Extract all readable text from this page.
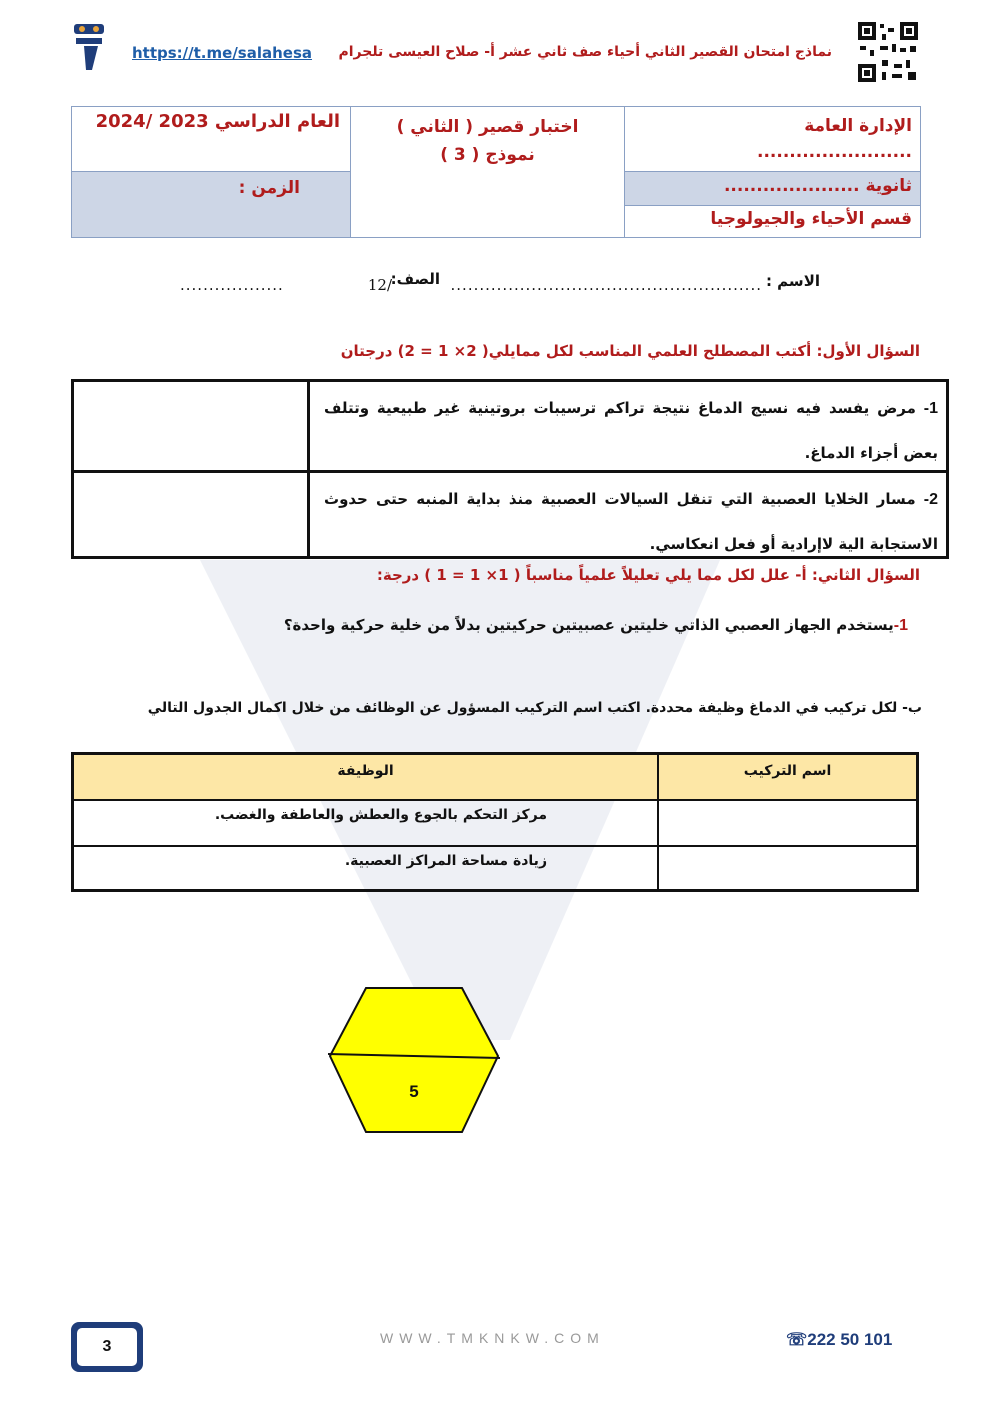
https://t.me/salahesa نماذج امتحان القصير الثاني أحياء صف ثاني عشر أ- صلاح العيسى تلجرام
الإدارة العامة
........................
ثانوية .....................
قسم الأحياء والجيولوجيا
اختبار قصير ( الثاني )
نموذج ( 3 )
العام الدراسي 2023 /2024
الزمن :
الاسم :
......................................................
الصف:
12/
..................
السؤال الأول: أكتب المصطلح العلمي المناسب لكل ممايلي( 2× 1 = 2) درجتان
1- مرض يفسد فيه نسيج الدماغ نتيجة تراكم ترسيبات بروتينية غير طبيعية وتتلف بعض أجزاء الدماغ.
2- مسار الخلايا العصبية التي تنقل السيالات العصبية منذ بداية المنبه حتى حدوث الاستجابة الية لاإرادية أو فعل انعكاسي.
السؤال الثاني: أ- علل لكل مما يلي تعليلاً علمياً مناسباً ( 1× 1 = 1 ) درجة:
1-يستخدم الجهاز العصبي الذاتي خليتين عصبيتين حركيتين بدلاً من خلية حركية واحدة؟
ب- لكل تركيب في الدماغ وظيفة محددة. اكتب اسم التركيب المسؤول عن الوظائف من خلال اكمال الجدول التالي
اسم التركيب
الوظيفة
مركز التحكم بالجوع والعطش والعاطفة والغضب.
زيادة مساحة المراكز العصبية.
5
3	WWW.TMKNKW.COM	☏222 50 101
